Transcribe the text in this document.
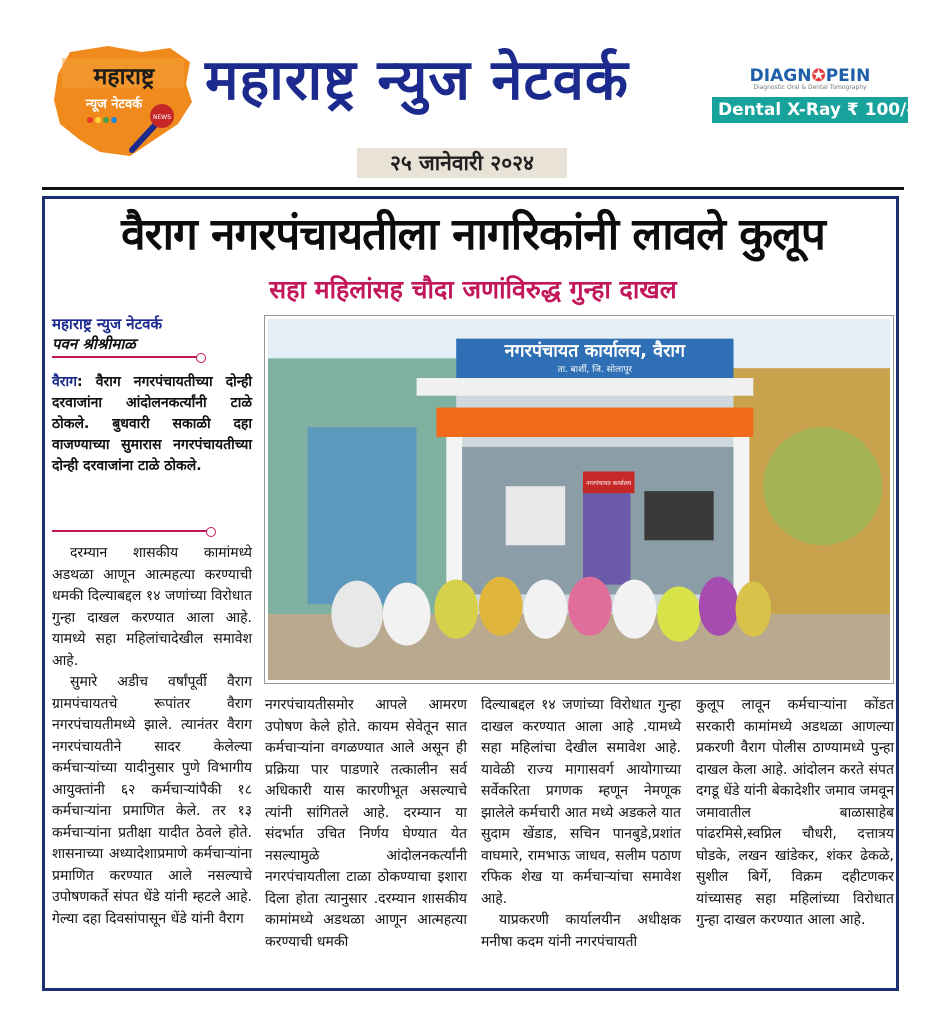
महाराष्ट्र
न्यूज नेटवर्क
NEWS
महाराष्ट्र न्युज नेटवर्क
२५ जानेवारी २०२४
DIAGN✪PEIN
Diagnostic Oral & Dental Tomography
Dental X-Ray ₹ 100/-
वैराग नगरपंचायतीला नागरिकांनी लावले कुलूप
सहा महिलांसह चौदा जणांविरुद्ध गुन्हा दाखल
महाराष्ट्र न्युज नेटवर्क
पवन श्रीश्रीमाळ
वैराग: वैराग नगरपंचायतीच्या दोन्ही दरवाजांना आंदोलनकर्त्यांनी टाळे ठोकले. बुधवारी सकाळी दहा वाजण्याच्या सुमारास नगरपंचायतीच्या दोन्ही दरवाजांना टाळे ठोकले.

दरम्यान शासकीय कामांमध्ये अडथळा आणून आत्महत्या करण्याची धमकी दिल्याबद्दल १४ जणांच्या विरोधात गुन्हा दाखल करण्यात आला आहे. यामध्ये सहा महिलांचादेखील समावेश आहे.

सुमारे अडीच वर्षांपूर्वी वैराग ग्रामपंचायतचे रूपांतर वैराग नगरपंचायतीमध्ये झाले. त्यानंतर वैराग नगरपंचायतीने सादर केलेल्या कर्मचाऱ्यांच्या यादीनुसार पुणे विभागीय आयुक्तांनी ६२ कर्मचाऱ्यांपैकी १८ कर्मचाऱ्यांना प्रमाणित केले. तर १३ कर्मचाऱ्यांना प्रतीक्षा यादीत ठेवले होते. शासनाच्या अध्यादेशाप्रमाणे कर्मचाऱ्यांना प्रमाणित करण्यात आले नसल्याचे उपोषणकर्ते संपत धेंडे यांनी म्हटले आहे. गेल्या दहा दिवसांपासून धेंडे यांनी वैराग

नगरपंचायत कार्यालय, वैराग
ता. बार्शी, जि. सोलापूर
नगरपंचायत कार्यालय

नगरपंचायतीसमोर आपले आमरण उपोषण केले होते. कायम सेवेतून सात कर्मचाऱ्यांना वगळण्यात आले असून ही प्रक्रिया पार पाडणारे तत्कालीन सर्व अधिकारी यास कारणीभूत असल्याचे त्यांनी सांगितले आहे. दरम्यान या संदर्भात उचित निर्णय घेण्यात येत नसल्यामुळे आंदोलनकर्त्यांनी नगरपंचायतीला टाळा ठोकण्याचा इशारा दिला होता त्यानुसार .दरम्यान शासकीय कामांमध्ये अडथळा आणून आत्महत्या करण्याची धमकी

दिल्याबद्दल १४ जणांच्या विरोधात गुन्हा दाखल करण्यात आला आहे .यामध्ये सहा महिलांचा देखील समावेश आहे. यावेळी राज्य मागासवर्ग आयोगाच्या सर्वेकरिता प्रगणक म्हणून नेमणूक झालेले कर्मचारी आत मध्ये अडकले यात सुदाम खेंडाड, सचिन पानबुडे,प्रशांत वाघमारे, रामभाऊ जाधव, सलीम पठाण रफिक शेख या कर्मचाऱ्यांचा समावेश आहे.

याप्रकरणी कार्यालयीन अधीक्षक मनीषा कदम यांनी नगरपंचायती

कुलूप लावून कर्मचाऱ्यांना कोंडत सरकारी कामांमध्ये अडथळा आणल्या प्रकरणी वैराग पोलीस ठाण्यामध्ये पुन्हा दाखल केला आहे. आंदोलन करते संपत दगडू धेंडे यांनी बेकादेशीर जमाव जमवून जमावातील बाळासाहेब पांढरमिसे,स्वप्निल चौधरी, दत्तात्रय घोडके, लखन खांडेकर, शंकर ढेकळे, सुशील बिर्गे, विक्रम दहीटणकर यांच्यासह सहा महिलांच्या विरोधात गुन्हा दाखल करण्यात आला आहे.
